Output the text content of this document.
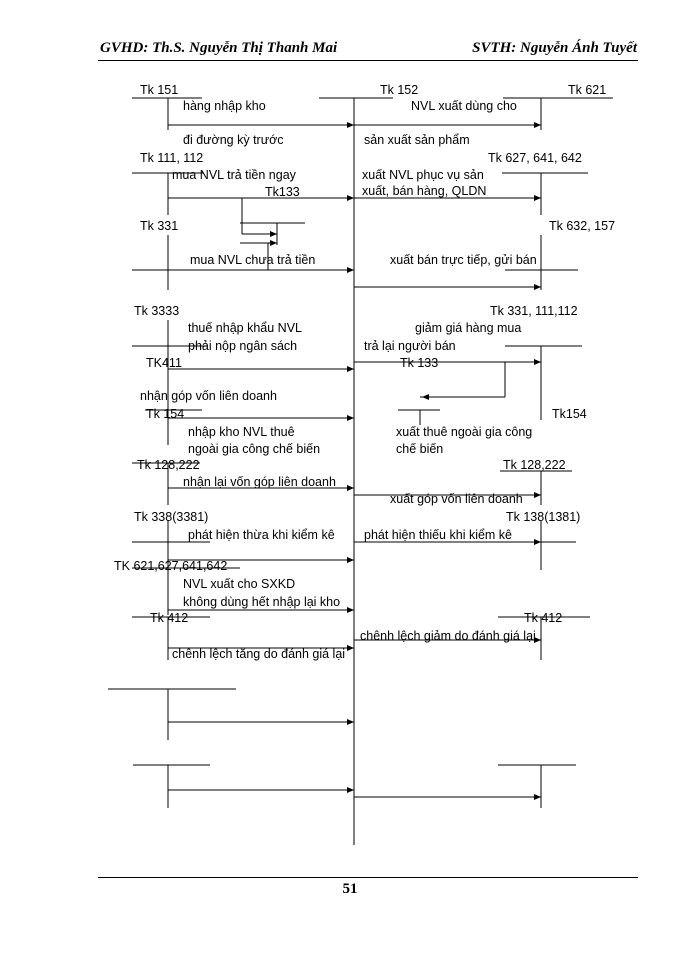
GVHD: Th.S. Nguyễn Thị Thanh Mai	SVTH: Nguyễn Ánh Tuyết
51
Tk 151	Tk 152	Tk 621
Tk 111, 112	Tk 627, 641, 642
Tk133
Tk 331	Tk 632, 157
Tk 3333	Tk 331, 111,112
TK411	Tk 133
Tk 154	Tk154
Tk 128,222	Tk 128,222
Tk 338(3381)	Tk 138(1381)
TK 621,627,641,642
Tk 412	Tk 412
hàng nhập kho
đi đường kỳ trước
NVL xuất dùng cho
sản xuất sản phẩm
mua NVL trả tiền ngay	xuất NVL phục vụ sản
xuất, bán hàng, QLDN
mua NVL chưa trả tiền	xuất bán trực tiếp, gửi bán
thuế nhập khẩu NVL
phải nộp ngân sách
giảm giá hàng mua
trả lại người bán
nhận góp vốn liên doanh
nhập kho NVL thuê
ngoài gia công chế biến
xuất thuê ngoài gia công
chế biến
nhận lại vốn góp liên doanh
xuất góp vốn liên doanh
phát hiện thừa khi kiểm kê phát hiện thiếu khi kiểm kê
NVL xuất cho SXKD
không dùng hết nhập lại kho
chênh lệch giảm do đánh giá lại
chênh lệch tăng do đánh giá lại
